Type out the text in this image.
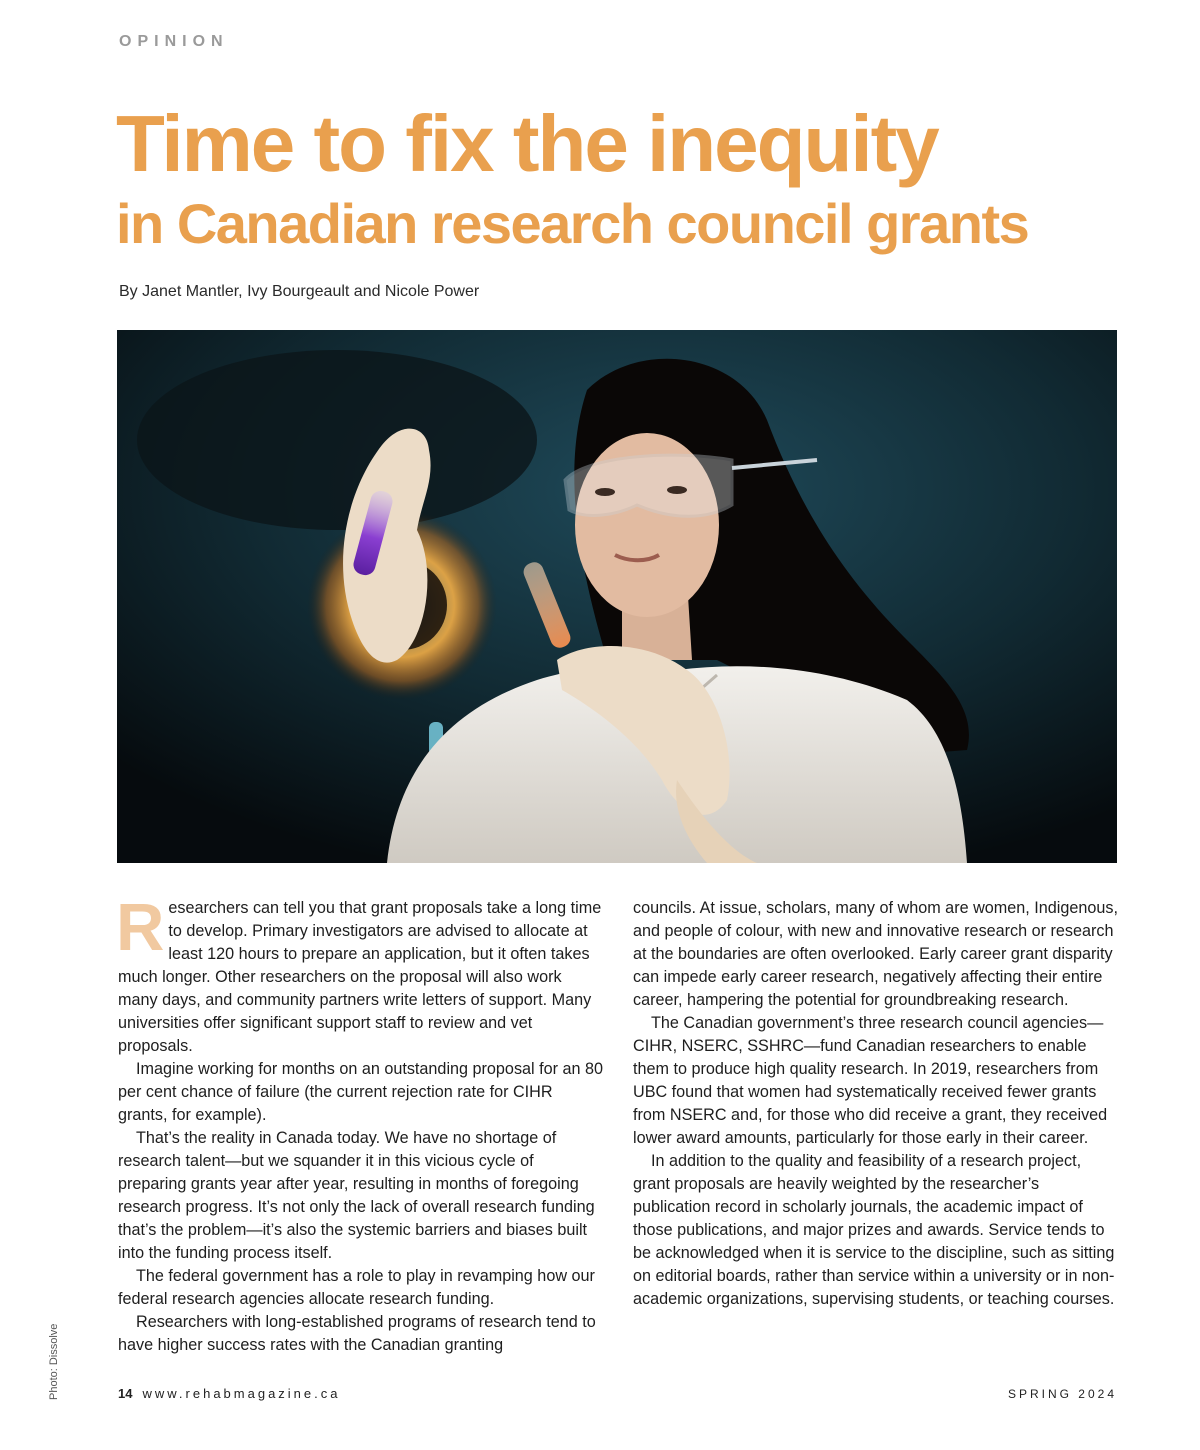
OPINION
Time to fix the inequity
in Canadian research council grants
By Janet Mantler, Ivy Bourgeault and Nicole Power

Researchers can tell you that grant proposals take a long time to develop. Primary investigators are advised to allocate at least 120 hours to prepare an application, but it often takes much longer. Other researchers on the proposal will also work many days, and community partners write letters of support. Many universities offer significant support staff to review and vet proposals.

Imagine working for months on an outstanding proposal for an 80 per cent chance of failure (the current rejection rate for CIHR grants, for example).

That’s the reality in Canada today. We have no shortage of research talent—but we squander it in this vicious cycle of preparing grants year after year, resulting in months of foregoing research progress. It’s not only the lack of overall research funding that’s the problem—it’s also the systemic barriers and biases built into the funding process itself.

The federal government has a role to play in revamping how our federal research agencies allocate research funding.

Researchers with long-established programs of research tend to have higher success rates with the Canadian granting

councils. At issue, scholars, many of whom are women, Indigenous, and people of colour, with new and innovative research or research at the boundaries are often overlooked. Early career grant disparity can impede early career research, negatively affecting their entire career, hampering the potential for groundbreaking research.

The Canadian government’s three research council agencies—CIHR, NSERC, SSHRC—fund Canadian researchers to enable them to produce high quality research. In 2019, researchers from UBC found that women had systematically received fewer grants from NSERC and, for those who did receive a grant, they received lower award amounts, particularly for those early in their career.

In addition to the quality and feasibility of a research project, grant proposals are heavily weighted by the researcher’s publication record in scholarly journals, the academic impact of those publications, and major prizes and awards. Service tends to be acknowledged when it is service to the discipline, such as sitting on editorial boards, rather than service within a university or in non-academic organizations, supervising students, or teaching courses.

Photo: Dissolve	14 www.rehabmagazine.ca	SPRING 2024
